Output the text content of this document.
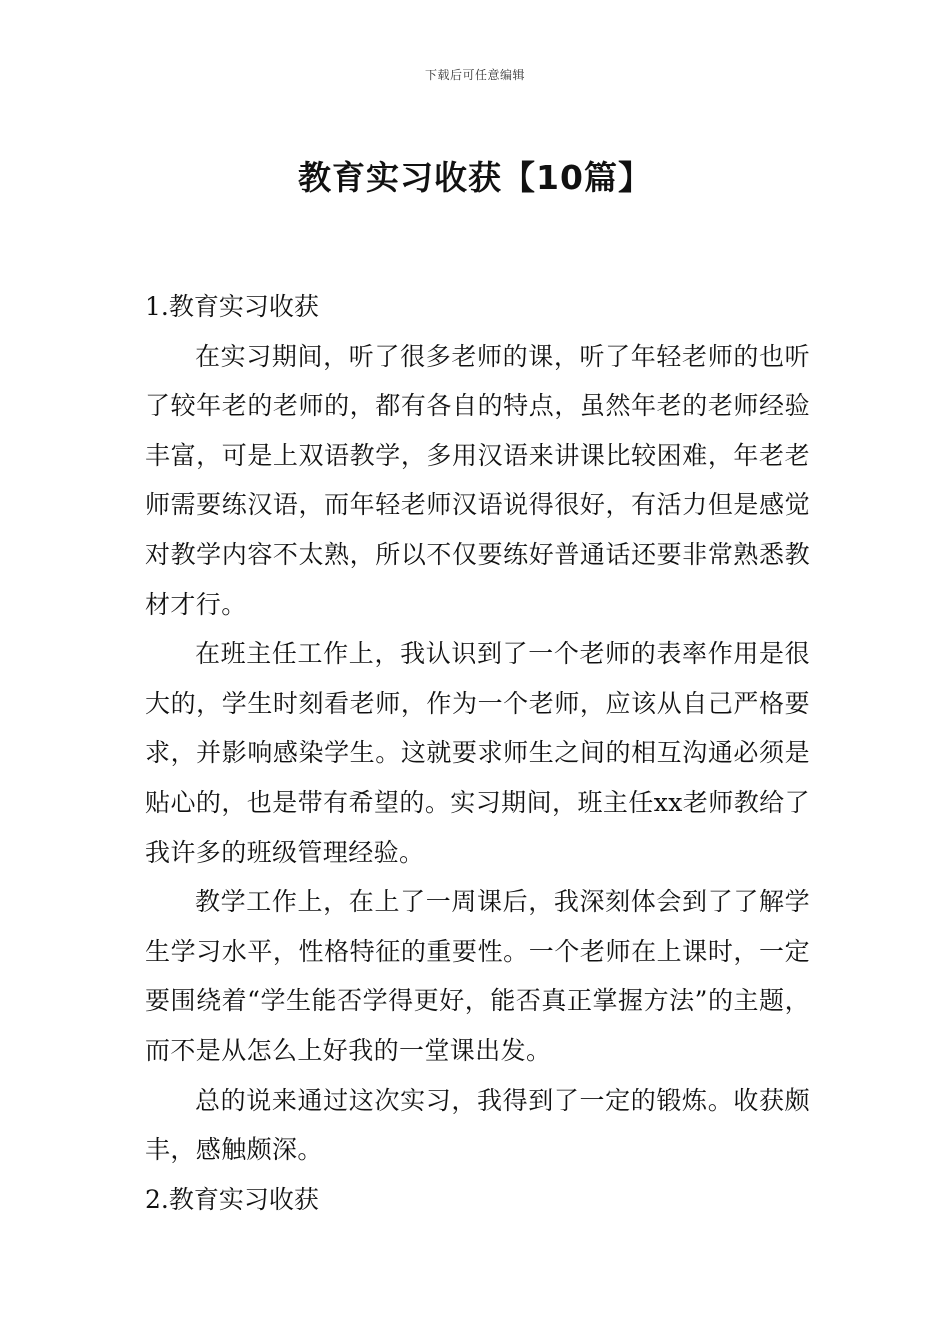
下载后可任意编辑
教育实习收获【10篇】
1.教育实习收获

在实习期间，听了很多老师的课，听了年轻老师的也听了较年老的老师的，都有各自的特点，虽然年老的老师经验丰富，可是上双语教学，多用汉语来讲课比较困难，年老老师需要练汉语，而年轻老师汉语说得很好，有活力但是感觉对教学内容不太熟，所以不仅要练好普通话还要非常熟悉教材才行。

在班主任工作上，我认识到了一个老师的表率作用是很大的，学生时刻看老师，作为一个老师，应该从自己严格要求，并影响感染学生。这就要求师生之间的相互沟通必须是贴心的，也是带有希望的。实习期间，班主任xx老师教给了我许多的班级管理经验。

教学工作上，在上了一周课后，我深刻体会到了了解学生学习水平，性格特征的重要性。一个老师在上课时，一定要围绕着“学生能否学得更好，能否真正掌握方法”的主题，而不是从怎么上好我的一堂课出发。

总的说来通过这次实习，我得到了一定的锻炼。收获颇丰，感触颇深。

2.教育实习收获
